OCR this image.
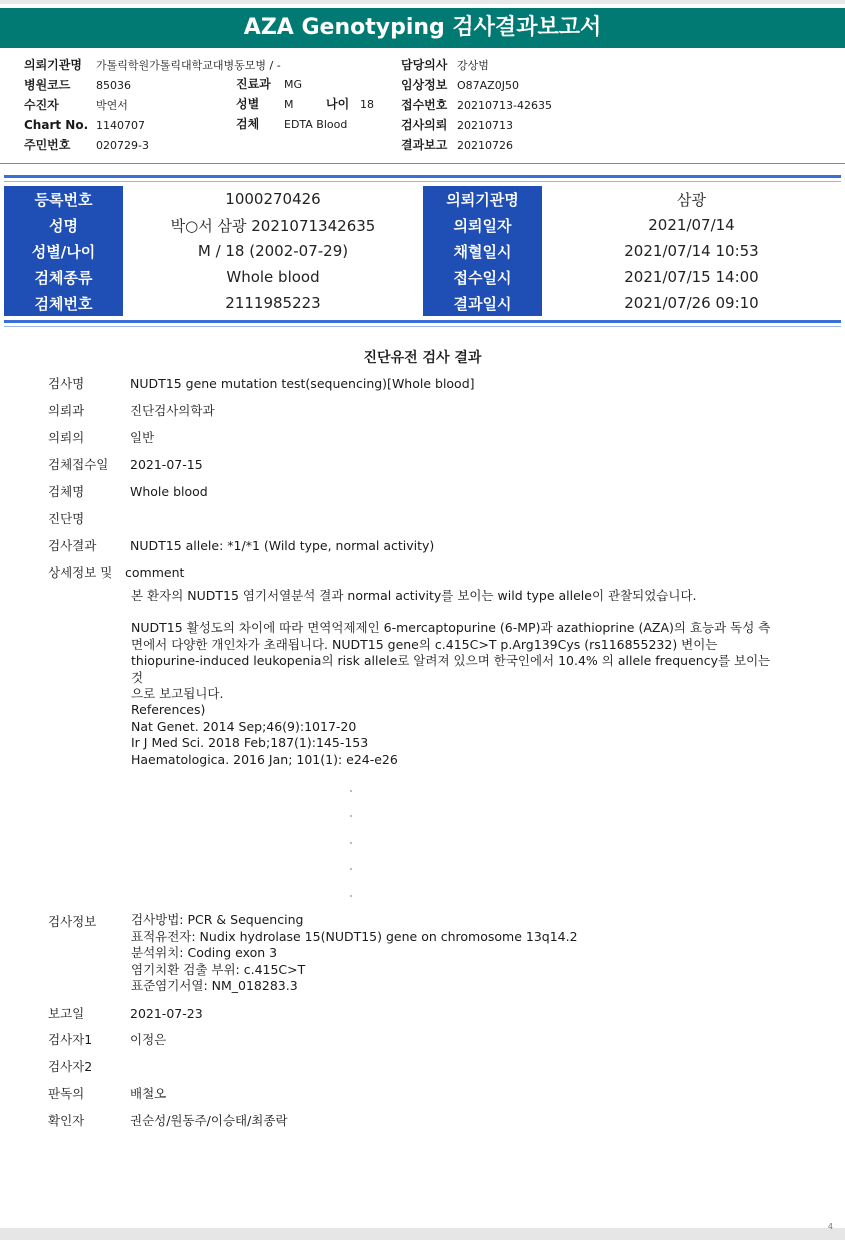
AZA Genotyping 검사결과보고서
의뢰기관명 가톨릭학원가톨릭대학교대병동모병 / -
병원코드 85036
수진자	박연서
Chart No. 1140707
주민번호 020729-3
진료과 MG
성별 M	나이 18
검체 EDTA Blood
담당의사 강상범
임상정보 O87AZ0J50
접수번호 20210713-42635
검사의뢰 20210713
결과보고 20210726
등록번호	1000270426	의뢰기관명	삼광
성명	박○서 삼광 2021071342635	의뢰일자	2021/07/14
성별/나이	M / 18 (2002-07-29)	채혈일시	2021/07/14 10:53
검체종류	Whole blood	접수일시	2021/07/15 14:00
검체번호	2111985223	결과일시	2021/07/26 09:10
진단유전 검사 결과
검사명	NUDT15 gene mutation test(sequencing)[Whole blood]
의뢰과	진단검사의학과
의뢰의	일반
검체접수일 2021-07-15
검체명	Whole blood
진단명
검사결과	NUDT15 allele: *1/*1 (Wild type, normal activity)
상세정보 및 comment
본 환자의 NUDT15 염기서열분석 결과 normal activity를 보이는 wild type allele이 관찰되었습니다.
NUDT15 활성도의 차이에 따라 면역억제제인 6-mercaptopurine (6-MP)과 azathioprine (AZA)의 효능과 독성 측
면에서 다양한 개인차가 초래됩니다. NUDT15 gene의 c.415C>T p.Arg139Cys (rs116855232) 변이는
thiopurine-induced leukopenia의 risk allele로 알려져 있으며 한국인에서 10.4% 의 allele frequency를 보이는 것
으로 보고됩니다.
References)
Nat Genet. 2014 Sep;46(9):1017-20
Ir J Med Sci. 2018 Feb;187(1):145-153
Haematologica. 2016 Jan; 101(1): e24-e26
검사정보	검사방법: PCR & Sequencing
표적유전자: Nudix hydrolase 15(NUDT15) gene on chromosome 13q14.2
분석위치: Coding exon 3
염기치환 검출 부위: c.415C>T
표준염기서열: NM_018283.3
보고일	2021-07-23
검사자1	이정은
검사자2
판독의	배철오
확인자	권순성/원동주/이승태/최종락
4
